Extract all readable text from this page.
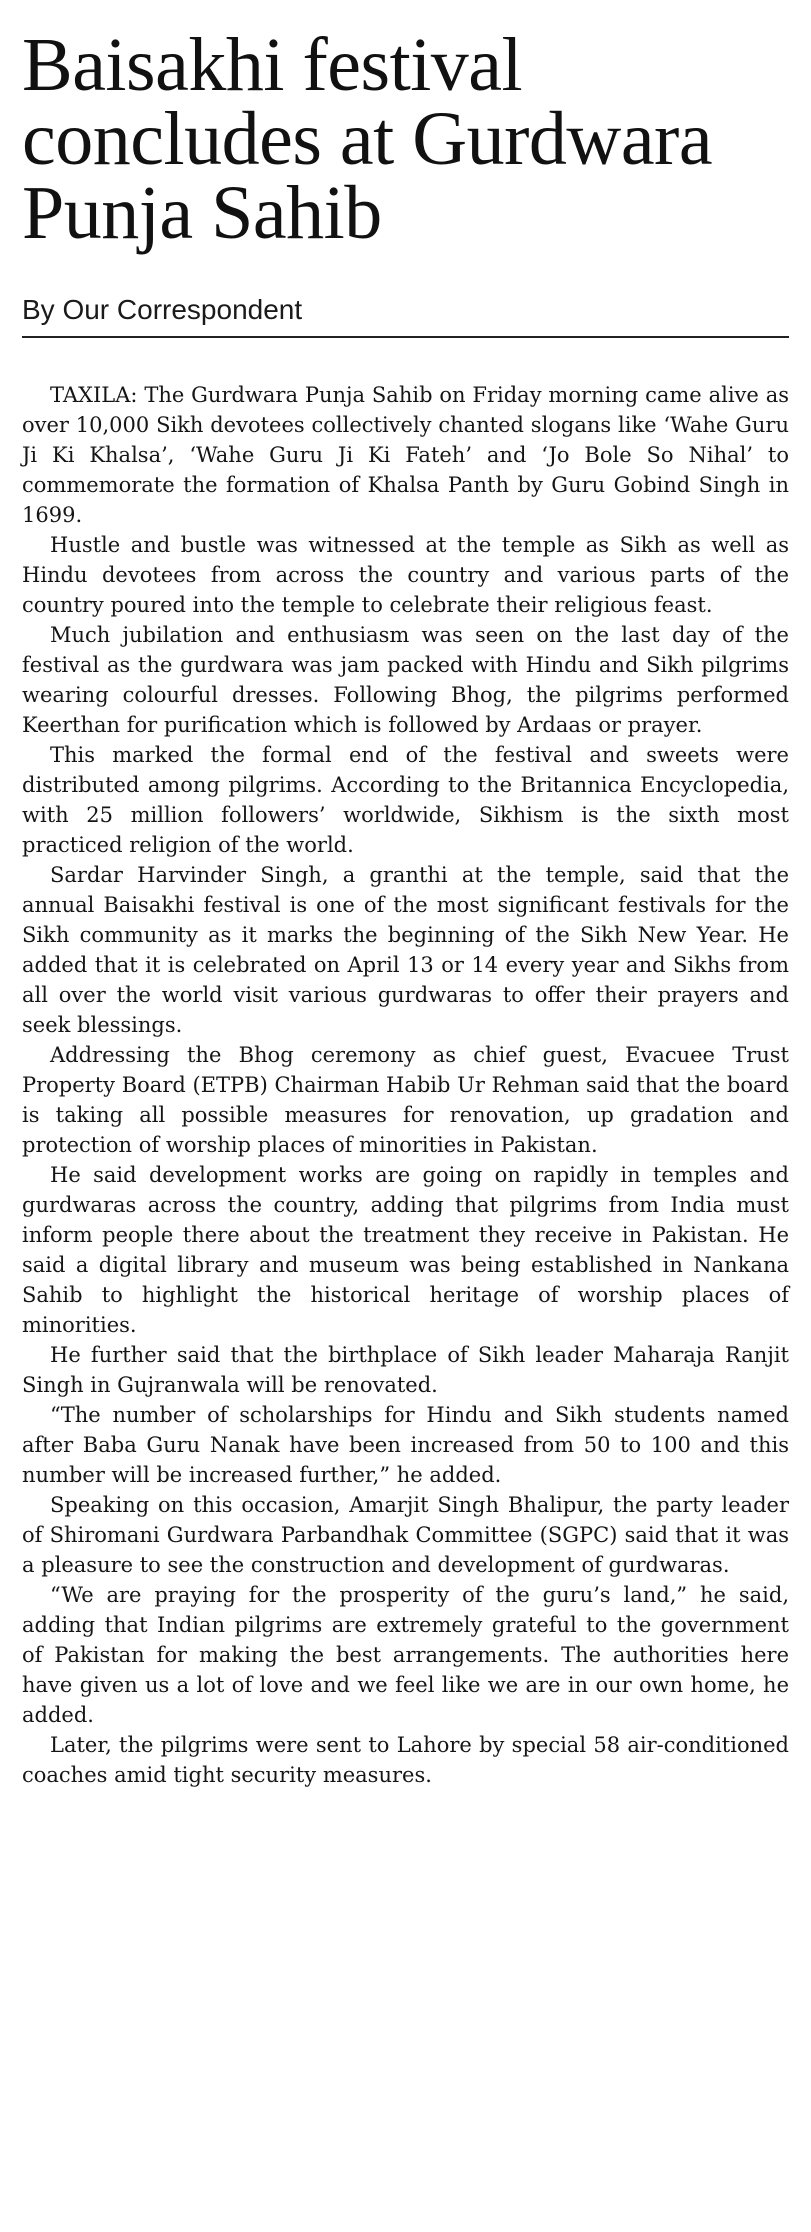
Baisakhi festival concludes at Gurdwara Punja Sahib
By Our Correspondent

TAXILA: The Gurdwara Punja Sahib on Friday morning came alive as over 10,000 Sikh devotees collectively chanted slogans like ‘Wahe Guru Ji Ki Khalsa’, ‘Wahe Guru Ji Ki Fateh’ and ‘Jo Bole So Nihal’ to commemorate the formation of Khalsa Panth by Guru Gobind Singh in 1699.

Hustle and bustle was witnessed at the temple as Sikh as well as Hindu devotees from across the country and various parts of the country poured into the temple to celebrate their religious feast.

Much jubilation and enthusiasm was seen on the last day of the festival as the gurdwara was jam packed with Hindu and Sikh pilgrims wearing colourful dresses. Following Bhog, the pilgrims performed Keerthan for purification which is followed by Ardaas or prayer.

This marked the formal end of the festival and sweets were distributed among pilgrims. According to the Britannica Encyclopedia, with 25 million followers’ worldwide, Sikhism is the sixth most practiced religion of the world.

Sardar Harvinder Singh, a granthi at the temple, said that the annual Baisakhi festival is one of the most significant festivals for the Sikh community as it marks the beginning of the Sikh New Year. He added that it is celebrated on April 13 or 14 every year and Sikhs from all over the world visit various gurdwaras to offer their prayers and seek blessings.

Addressing the Bhog ceremony as chief guest, Evacuee Trust Property Board (ETPB) Chairman Habib Ur Rehman said that the board is taking all possible measures for renovation, up gradation and protection of worship places of minorities in Pakistan.

He said development works are going on rapidly in temples and gurdwaras across the country, adding that pilgrims from India must inform people there about the treatment they receive in Pakistan. He said a digital library and museum was being established in Nankana Sahib to highlight the historical heritage of worship places of minorities.

He further said that the birthplace of Sikh leader Maharaja Ranjit Singh in Gujranwala will be renovated.

“The number of scholarships for Hindu and Sikh students named after Baba Guru Nanak have been increased from 50 to 100 and this number will be increased further,” he added.

Speaking on this occasion, Amarjit Singh Bhalipur, the party leader of Shiromani Gurdwara Parbandhak Committee (SGPC) said that it was a pleasure to see the construction and development of gurdwaras.

“We are praying for the prosperity of the guru’s land,” he said, adding that Indian pilgrims are extremely grateful to the government of Pakistan for making the best arrangements. The authorities here have given us a lot of love and we feel like we are in our own home, he added.

Later, the pilgrims were sent to Lahore by special 58 air-conditioned coaches amid tight security measures.
